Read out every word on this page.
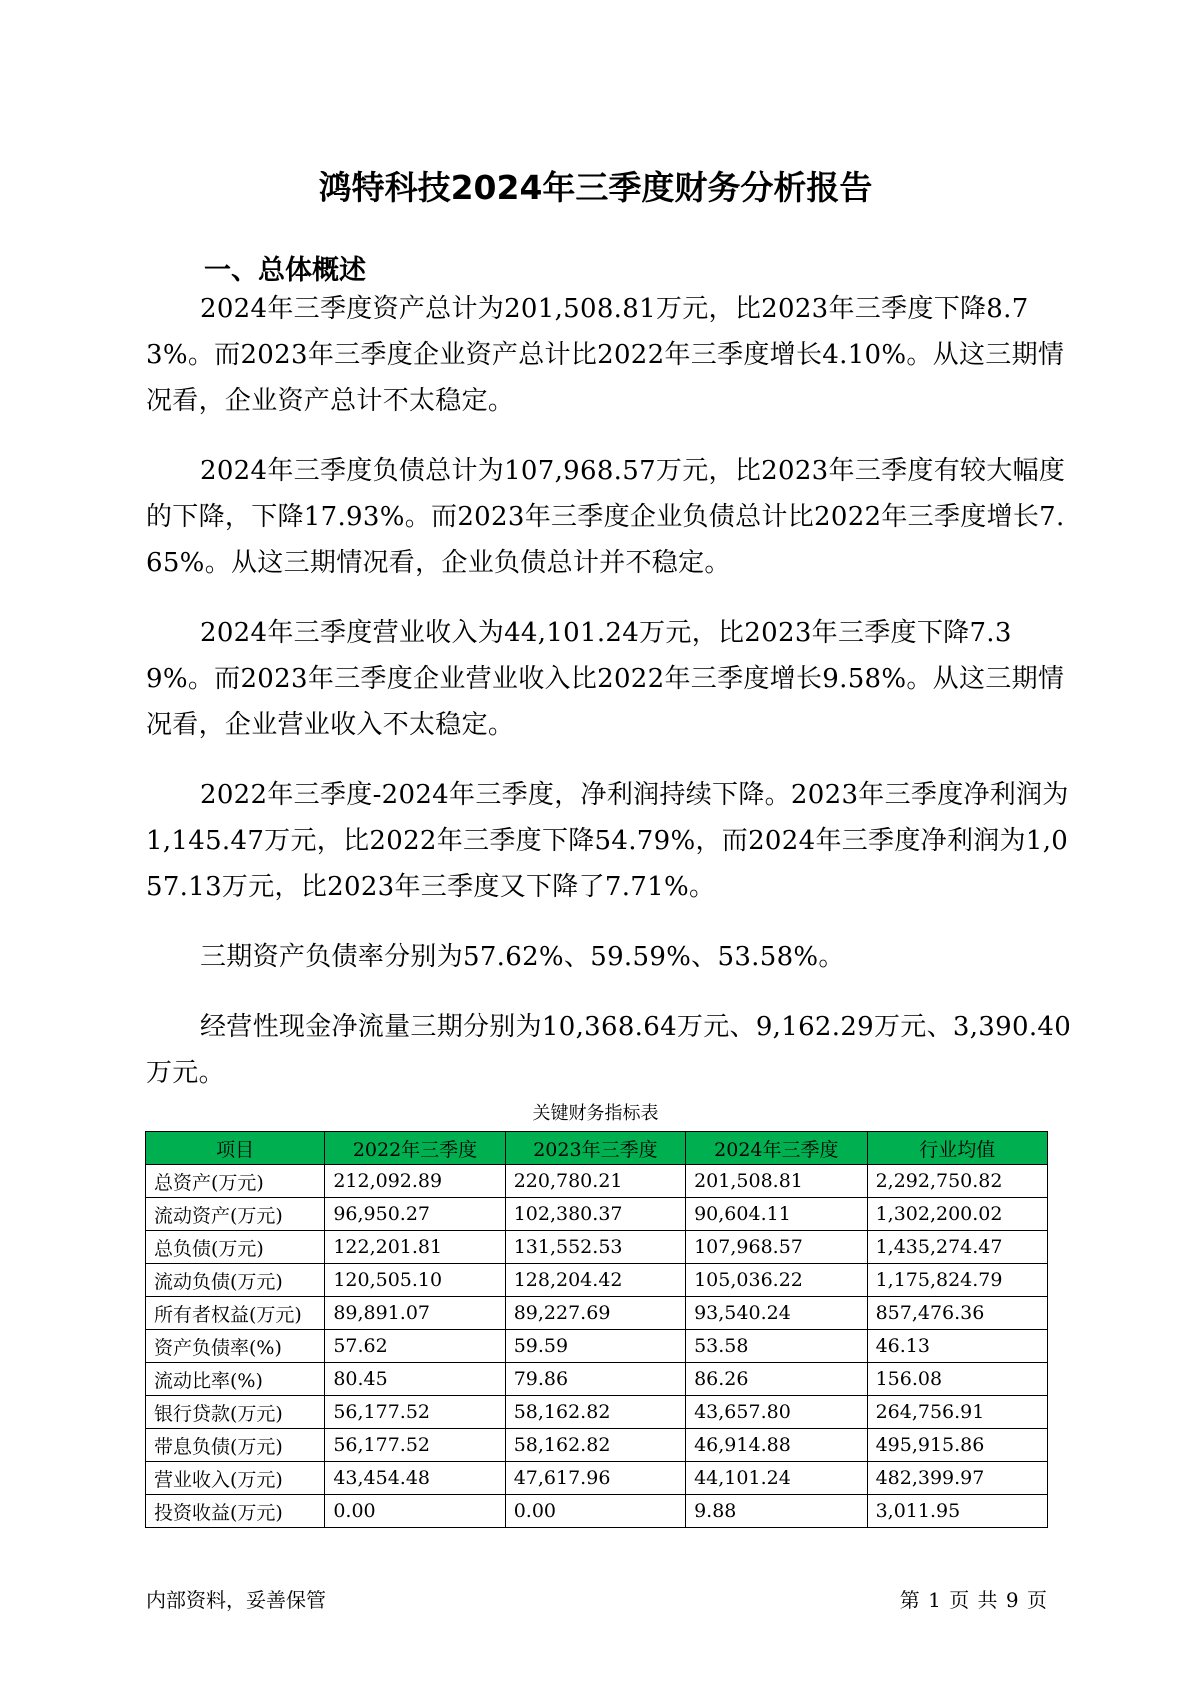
鸿特科技2024年三季度财务分析报告
一、总体概述

2024年三季度资产总计为201,508.81万元，比2023年三季度下降8.73%。而2023年三季度企业资产总计比2022年三季度增长4.10%。从这三期情况看，企业资产总计不太稳定。

2024年三季度负债总计为107,968.57万元，比2023年三季度有较大幅度的下降，下降17.93%。而2023年三季度企业负债总计比2022年三季度增长7.65%。从这三期情况看，企业负债总计并不稳定。

2024年三季度营业收入为44,101.24万元，比2023年三季度下降7.39%。而2023年三季度企业营业收入比2022年三季度增长9.58%。从这三期情况看，企业营业收入不太稳定。

2022年三季度-2024年三季度，净利润持续下降。2023年三季度净利润为1,145.47万元，比2022年三季度下降54.79%，而2024年三季度净利润为1,057.13万元，比2023年三季度又下降了7.71%。

三期资产负债率分别为57.62%、59.59%、53.58%。

经营性现金净流量三期分别为10,368.64万元、9,162.29万元、3,390.40万元。

关键财务指标表
项目	2022年三季度	2023年三季度	2024年三季度	行业均值
总资产(万元)	212,092.89	220,780.21	201,508.81	2,292,750.82
流动资产(万元)	96,950.27	102,380.37	90,604.11	1,302,200.02
总负债(万元)	122,201.81	131,552.53	107,968.57	1,435,274.47
流动负债(万元)	120,505.10	128,204.42	105,036.22	1,175,824.79
所有者权益(万元)	89,891.07	89,227.69	93,540.24	857,476.36
资产负债率(%)	57.62	59.59	53.58	46.13
流动比率(%)	80.45	79.86	86.26	156.08
银行贷款(万元)	56,177.52	58,162.82	43,657.80	264,756.91
带息负债(万元)	56,177.52	58,162.82	46,914.88	495,915.86
营业收入(万元)	43,454.48	47,617.96	44,101.24	482,399.97
投资收益(万元)	0.00	0.00	9.88	3,011.95
内部资料，妥善保管	第 1 页 共 9 页
